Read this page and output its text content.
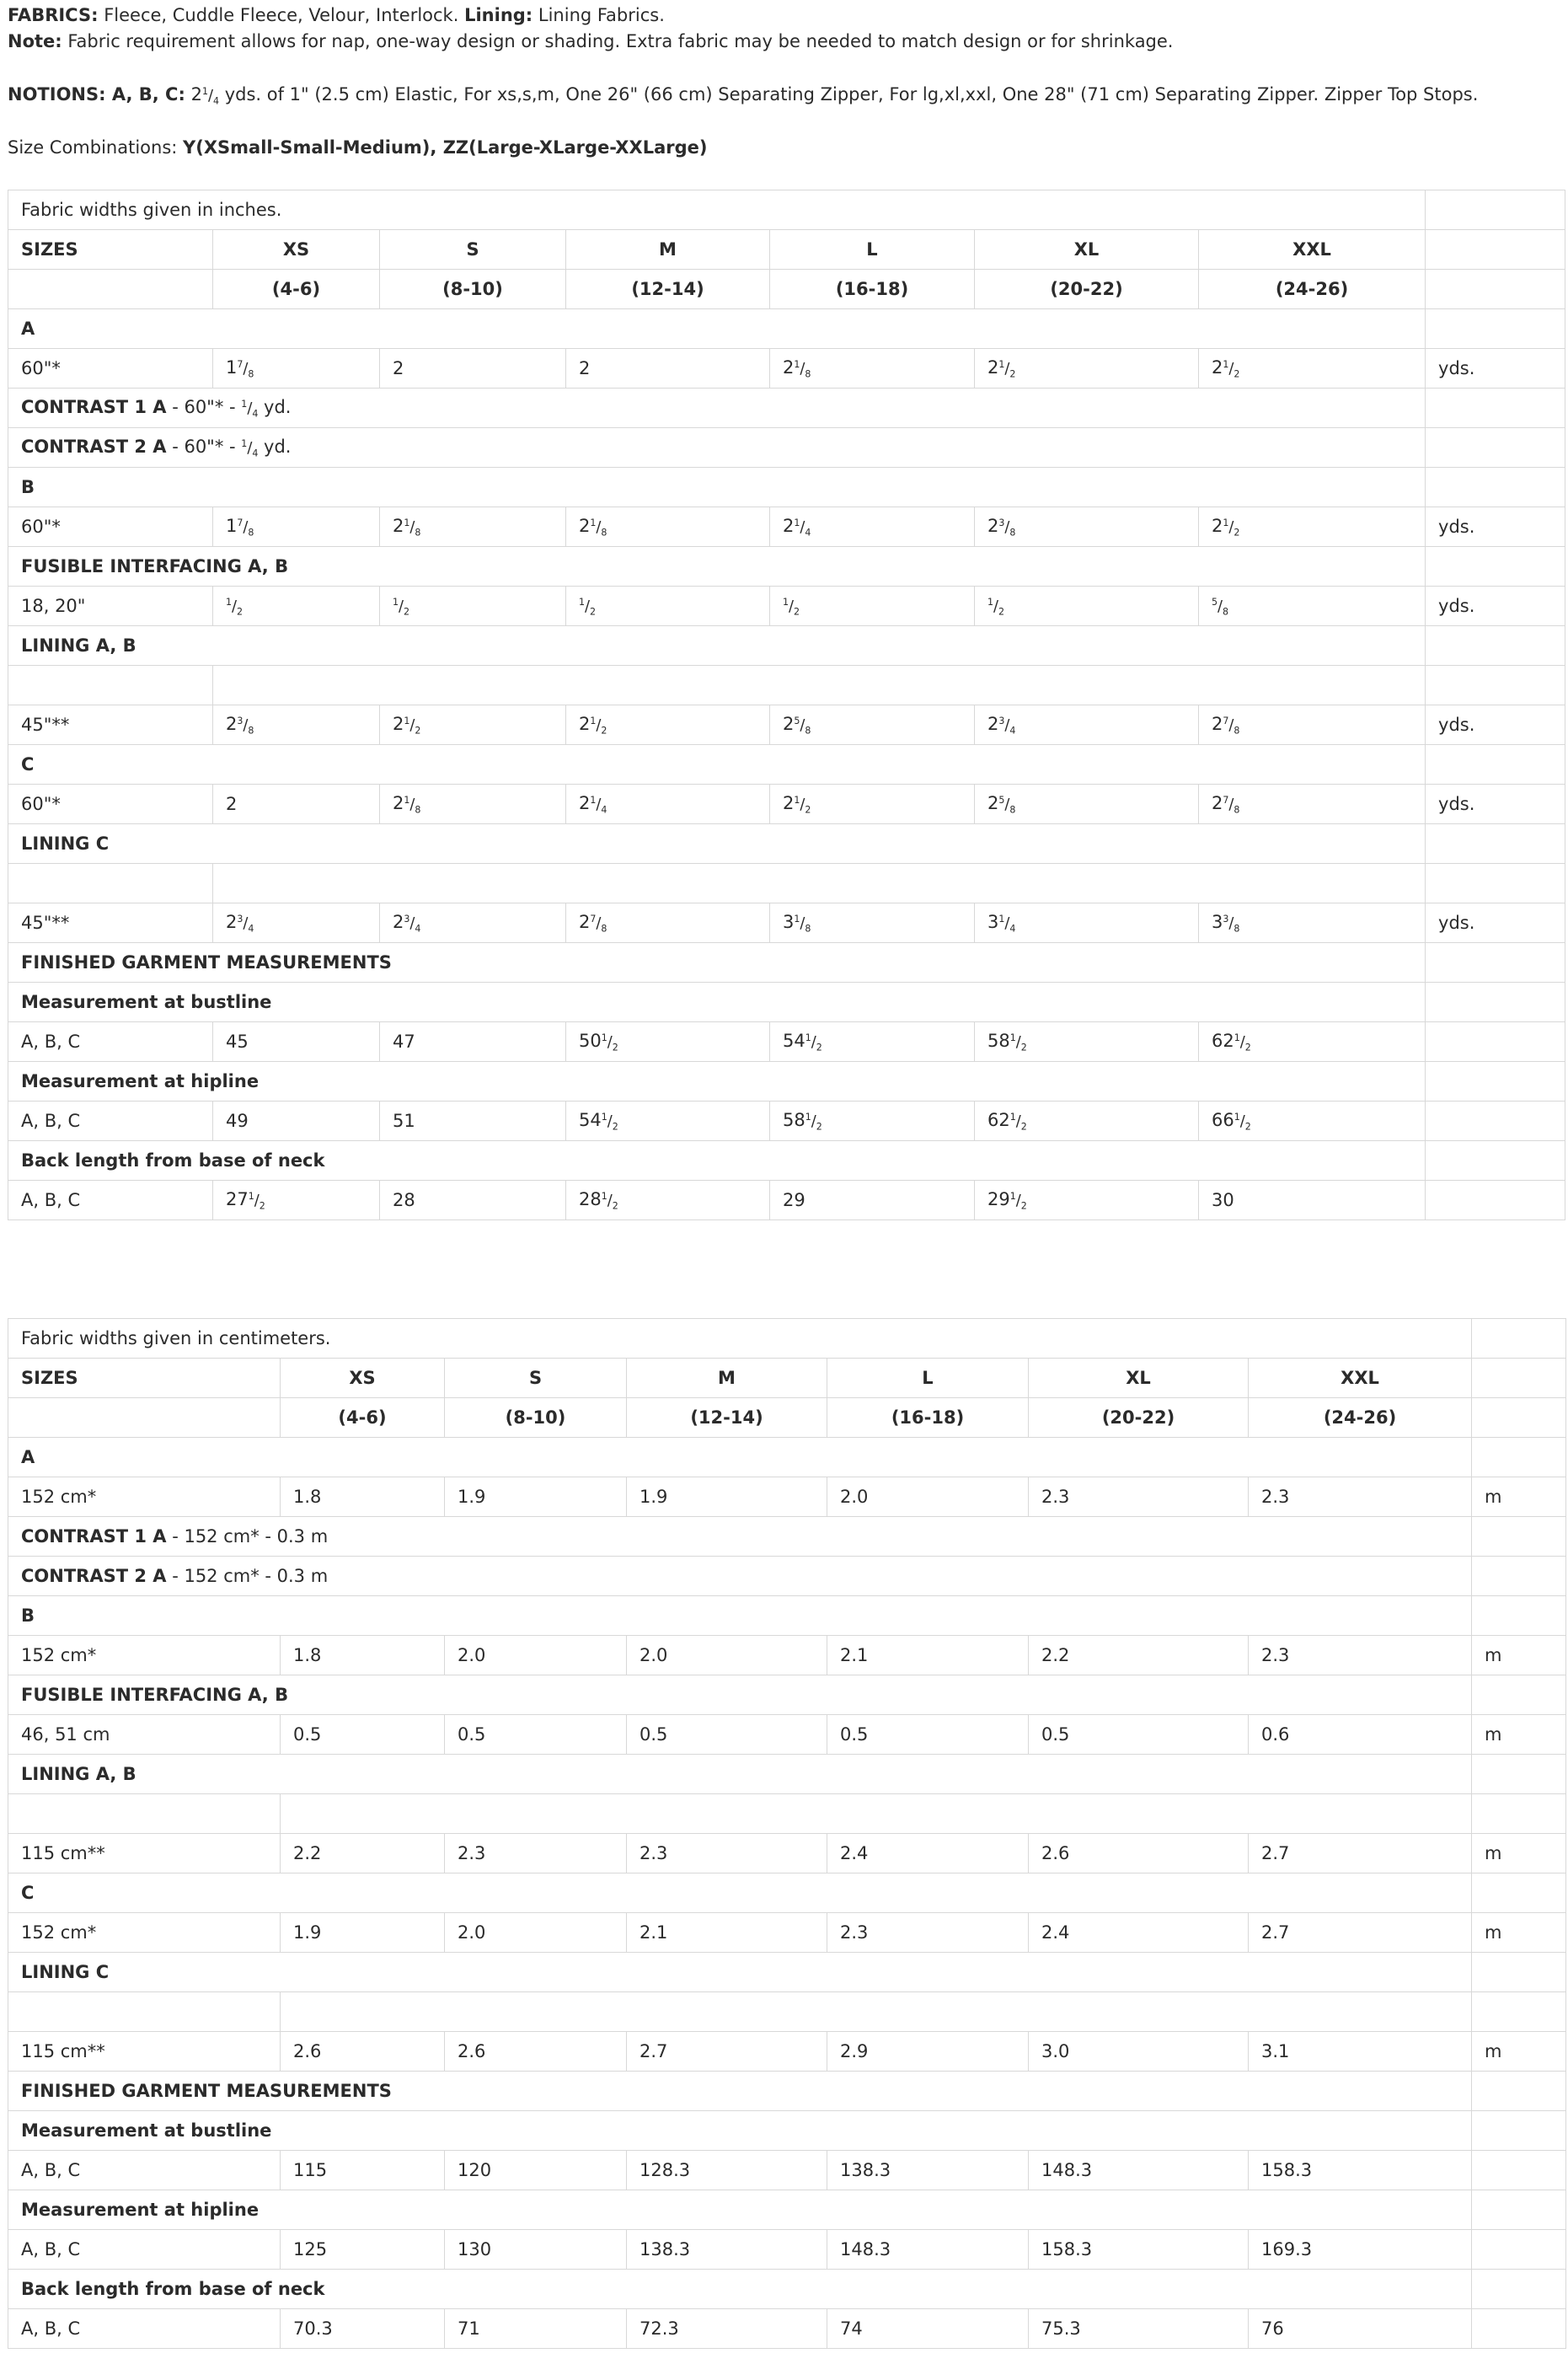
FABRICS: Fleece, Cuddle Fleece, Velour, Interlock. Lining: Lining Fabrics.
Note: Fabric requirement allows for nap, one-way design or shading. Extra fabric may be needed to match design or for shrinkage.
NOTIONS: A, B, C: $2^1/_4$ yds. of 1" (2.5 cm) Elastic, For xs,s,m, One 26" (66 cm) Separating Zipper, For lg,xl,xxl, One 28" (71 cm) Separating Zipper. Zipper Top Stops.
Size Combinations: Y(XSmall-Small-Medium), ZZ(Large-XLarge-XXLarge)
Fabric widths given in inches.							
SIZES	XS	S	M	L	XL	XXL	
	(4-6)	(8-10)	(12-14)	(16-18)	(20-22)	(24-26)	
A							
60"*	$1^7/_8$	2	2	$2^1/_8$	$2^1/_2$	$2^1/_2$	yds.
CONTRAST 1 A - 60"* - $^1/_4$ yd.							
CONTRAST 2 A - 60"* - $^1/_4$ yd.							
B							
60"*	$1^7/_8$	$2^1/_8$	$2^1/_8$	$2^1/_4$	$2^3/_8$	$2^1/_2$	yds.
FUSIBLE INTERFACING A, B							
18, 20"	$^1/_2$	$^1/_2$	$^1/_2$	$^1/_2$	$^1/_2$	$^5/_8$	yds.
LINING A, B							

45"**	$2^3/_8$	$2^1/_2$	$2^1/_2$	$2^5/_8$	$2^3/_4$	$2^7/_8$	yds.
C							
60"*	2	$2^1/_8$	$2^1/_4$	$2^1/_2$	$2^5/_8$	$2^7/_8$	yds.
LINING C							

45"**	$2^3/_4$	$2^3/_4$	$2^7/_8$	$3^1/_8$	$3^1/_4$	$3^3/_8$	yds.
FINISHED GARMENT MEASUREMENTS							
Measurement at bustline							
A, B, C	45	47	$50^1/_2$	$54^1/_2$	$58^1/_2$	$62^1/_2$	
Measurement at hipline							
A, B, C	49	51	$54^1/_2$	$58^1/_2$	$62^1/_2$	$66^1/_2$	
Back length from base of neck							
A, B, C	$27^1/_2$	28	$28^1/_2$	29	$29^1/_2$	30	
Fabric widths given in centimeters.							
SIZES	XS	S	M	L	XL	XXL	
	(4-6)	(8-10)	(12-14)	(16-18)	(20-22)	(24-26)	
A							
152 cm*	1.8	1.9	1.9	2.0	2.3	2.3	m
CONTRAST 1 A - 152 cm* - 0.3 m							
CONTRAST 2 A - 152 cm* - 0.3 m							
B							
152 cm*	1.8	2.0	2.0	2.1	2.2	2.3	m
FUSIBLE INTERFACING A, B							
46, 51 cm	0.5	0.5	0.5	0.5	0.5	0.6	m
LINING A, B							

115 cm**	2.2	2.3	2.3	2.4	2.6	2.7	m
C							
152 cm*	1.9	2.0	2.1	2.3	2.4	2.7	m
LINING C							

115 cm**	2.6	2.6	2.7	2.9	3.0	3.1	m
FINISHED GARMENT MEASUREMENTS							
Measurement at bustline							
A, B, C	115	120	128.3	138.3	148.3	158.3	
Measurement at hipline							
A, B, C	125	130	138.3	148.3	158.3	169.3	
Back length from base of neck							
A, B, C	70.3	71	72.3	74	75.3	76	
